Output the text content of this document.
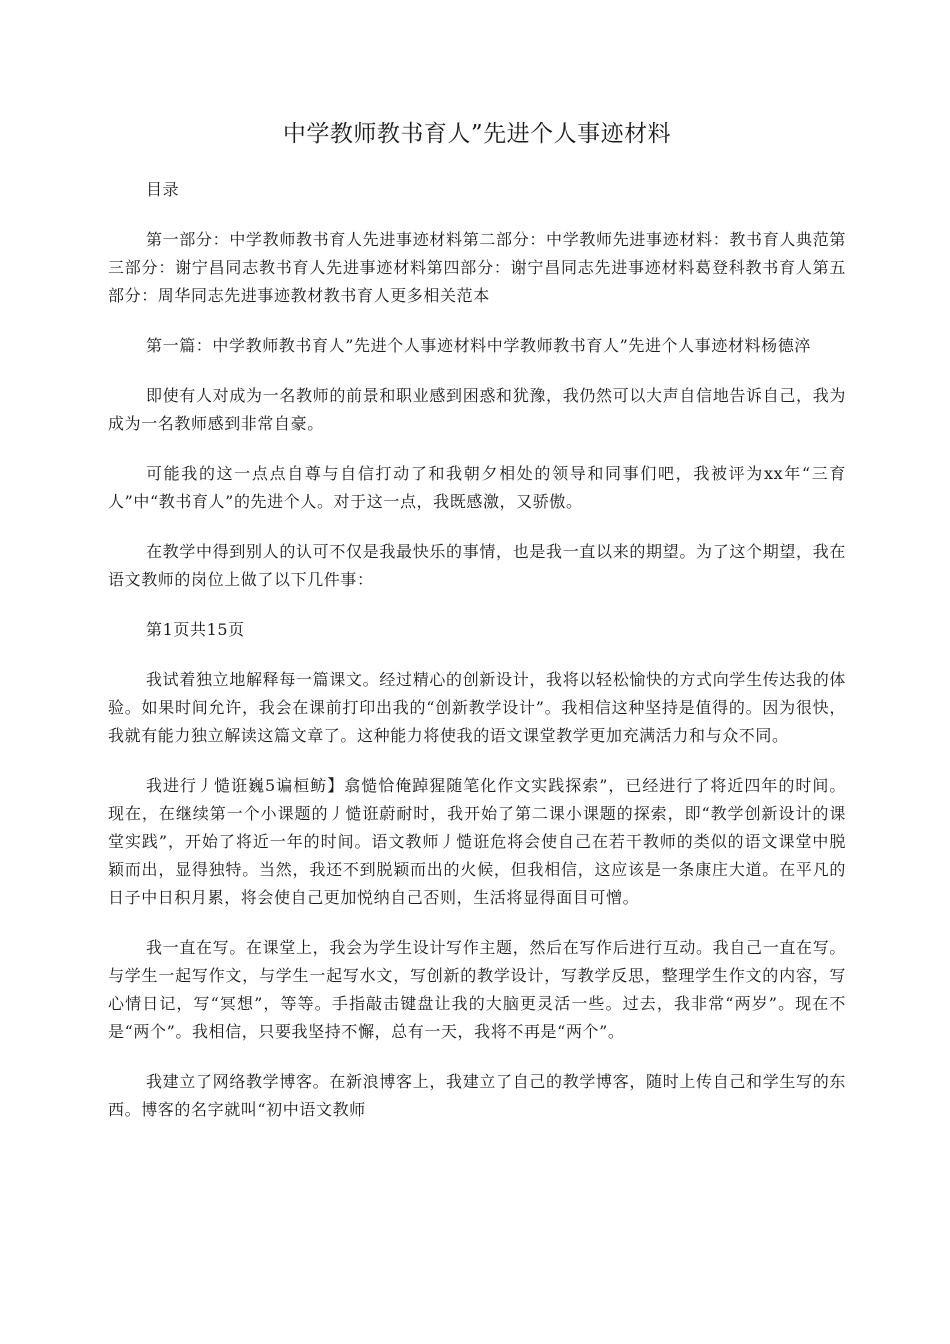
中学教师教书育人”先进个人事迹材料

目录

第一部分：中学教师教书育人先进事迹材料第二部分：中学教师先进事迹材料：教书育人典范第三部分：谢宁昌同志教书育人先进事迹材料第四部分：谢宁昌同志先进事迹材料葛登科教书育人第五部分：周华同志先进事迹教材教书育人更多相关范本

第一篇：中学教师教书育人”先进个人事迹材料中学教师教书育人”先进个人事迹材料杨德淬

即使有人对成为一名教师的前景和职业感到困惑和犹豫，我仍然可以大声自信地告诉自己，我为成为一名教师感到非常自豪。

可能我的这一点点自尊与自信打动了和我朝夕相处的领导和同事们吧，我被评为xx年“三育人”中“教书育人”的先进个人。对于这一点，我既感激，又骄傲。

在教学中得到别人的认可不仅是我最快乐的事情，也是我一直以来的期望。为了这个期望，我在语文教师的岗位上做了以下几件事：

第1页共15页

我试着独立地解释每一篇课文。经过精心的创新设计，我将以轻松愉快的方式向学生传达我的体验。如果时间允许，我会在课前打印出我的“创新教学设计”。我相信这种坚持是值得的。因为很快，我就有能力独立解读这篇文章了。这种能力将使我的语文课堂教学更加充满活力和与众不同。

我进行丿慥诳巍5谝桓鲂】翕慥恰俺踔猩随笔化作文实践探索”，已经进行了将近四年的时间。现在，在继续第一个小课题的丿慥诳蔚耐时，我开始了第二课小课题的探索，即“教学创新设计的课堂实践”，开始了将近一年的时间。语文教师丿慥诳危将会使自己在若干教师的类似的语文课堂中脱颖而出，显得独特。当然，我还不到脱颖而出的火候，但我相信，这应该是一条康庄大道。在平凡的日子中日积月累，将会使自己更加悦纳自己否则，生活将显得面目可憎。

我一直在写。在课堂上，我会为学生设计写作主题，然后在写作后进行互动。我自己一直在写。与学生一起写作文，与学生一起写水文，写创新的教学设计，写教学反思，整理学生作文的内容，写心情日记，写“冥想”，等等。手指敲击键盘让我的大脑更灵活一些。过去，我非常“两岁”。现在不是“两个”。我相信，只要我坚持不懈，总有一天，我将不再是“两个”。

我建立了网络教学博客。在新浪博客上，我建立了自己的教学博客，随时上传自己和学生写的东西。博客的名字就叫“初中语文教师
